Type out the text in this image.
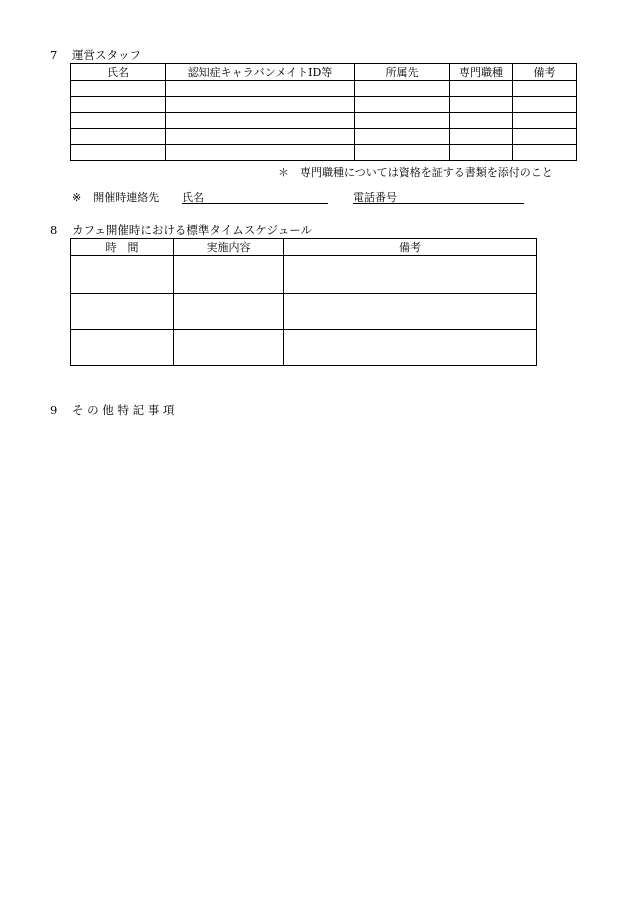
7 運営スタッフ
氏名	認知症キャラバンメイトID等	所属先	専門職種	備考

＊　専門職種については資格を証する書類を添付のこと
※ 開催時連絡先 氏名	電話番号
8 カフェ開催時における標準タイムスケジュール
時　間	実施内容	備考

9 そ の 他 特 記 事 項
